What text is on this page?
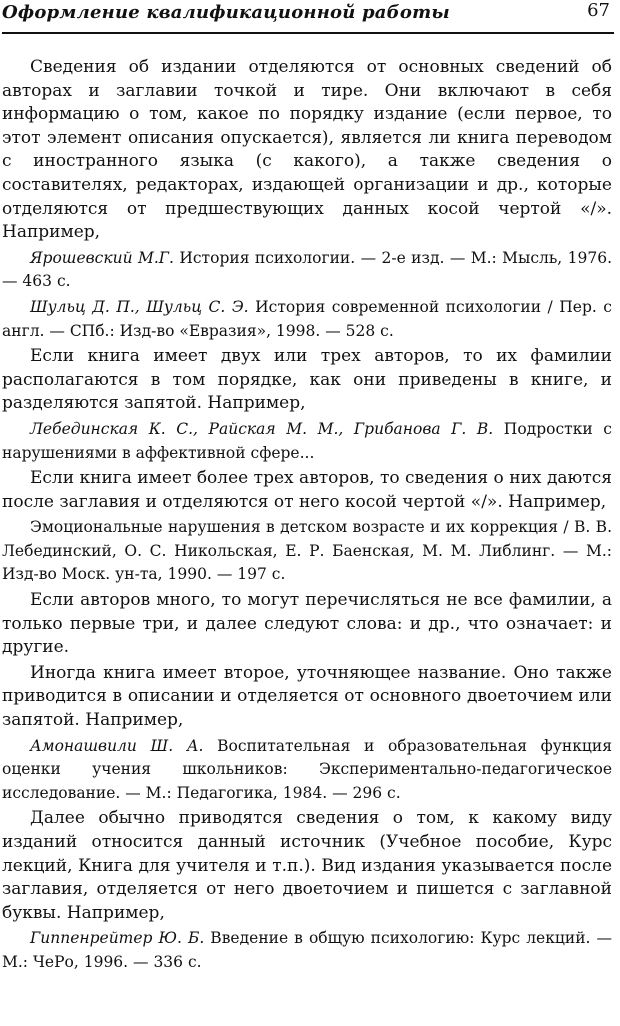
Оформление квалификационной работы	67

Сведения об издании отделяются от основных сведений об авторах и заглавии точкой и тире. Они включают в себя информацию о том, какое по порядку издание (если первое, то этот элемент описания опускается), является ли книга переводом с иностранного языка (с какого), а также сведения о составителях, редакторах, издающей организации и др., которые отделяются от предшествующих данных косой чертой «/». Например,

Ярошевский М.Г. История психологии. — 2-е изд. — М.: Мысль, 1976. — 463 с.

Шульц Д. П., Шульц С. Э. История современной психологии / Пер. с англ. — СПб.: Изд-во «Евразия», 1998. — 528 с.

Если книга имеет двух или трех авторов, то их фамилии располагаются в том порядке, как они приведены в книге, и разделяются запятой. Например,

Лебединская К. С., Райская М. М., Грибанова Г. В. Подростки с нарушениями в аффективной сфере...

Если книга имеет более трех авторов, то сведения о них даются после заглавия и отделяются от него косой чертой «/». Например,

Эмоциональные нарушения в детском возрасте и их коррекция / В. В. Лебединский, О. С. Никольская, Е. Р. Баенская, М. М. Либлинг. — М.: Изд-во Моск. ун-та, 1990. — 197 с.

Если авторов много, то могут перечисляться не все фамилии, а только первые три, и далее следуют слова: и др., что означает: и другие.

Иногда книга имеет второе, уточняющее название. Оно также приводится в описании и отделяется от основного двоеточием или запятой. Например,

Амонашвили Ш. А. Воспитательная и образовательная функция оценки учения школьников: Экспериментально-педагогическое исследование. — М.: Педагогика, 1984. — 296 с.

Далее обычно приводятся сведения о том, к какому виду изданий относится данный источник (Учебное пособие, Курс лекций, Книга для учителя и т.п.). Вид издания указывается после заглавия, отделяется от него двоеточием и пишется с заглавной буквы. Например,

Гиппенрейтер Ю. Б. Введение в общую психологию: Курс лекций. — М.: ЧеРо, 1996. — 336 с.
